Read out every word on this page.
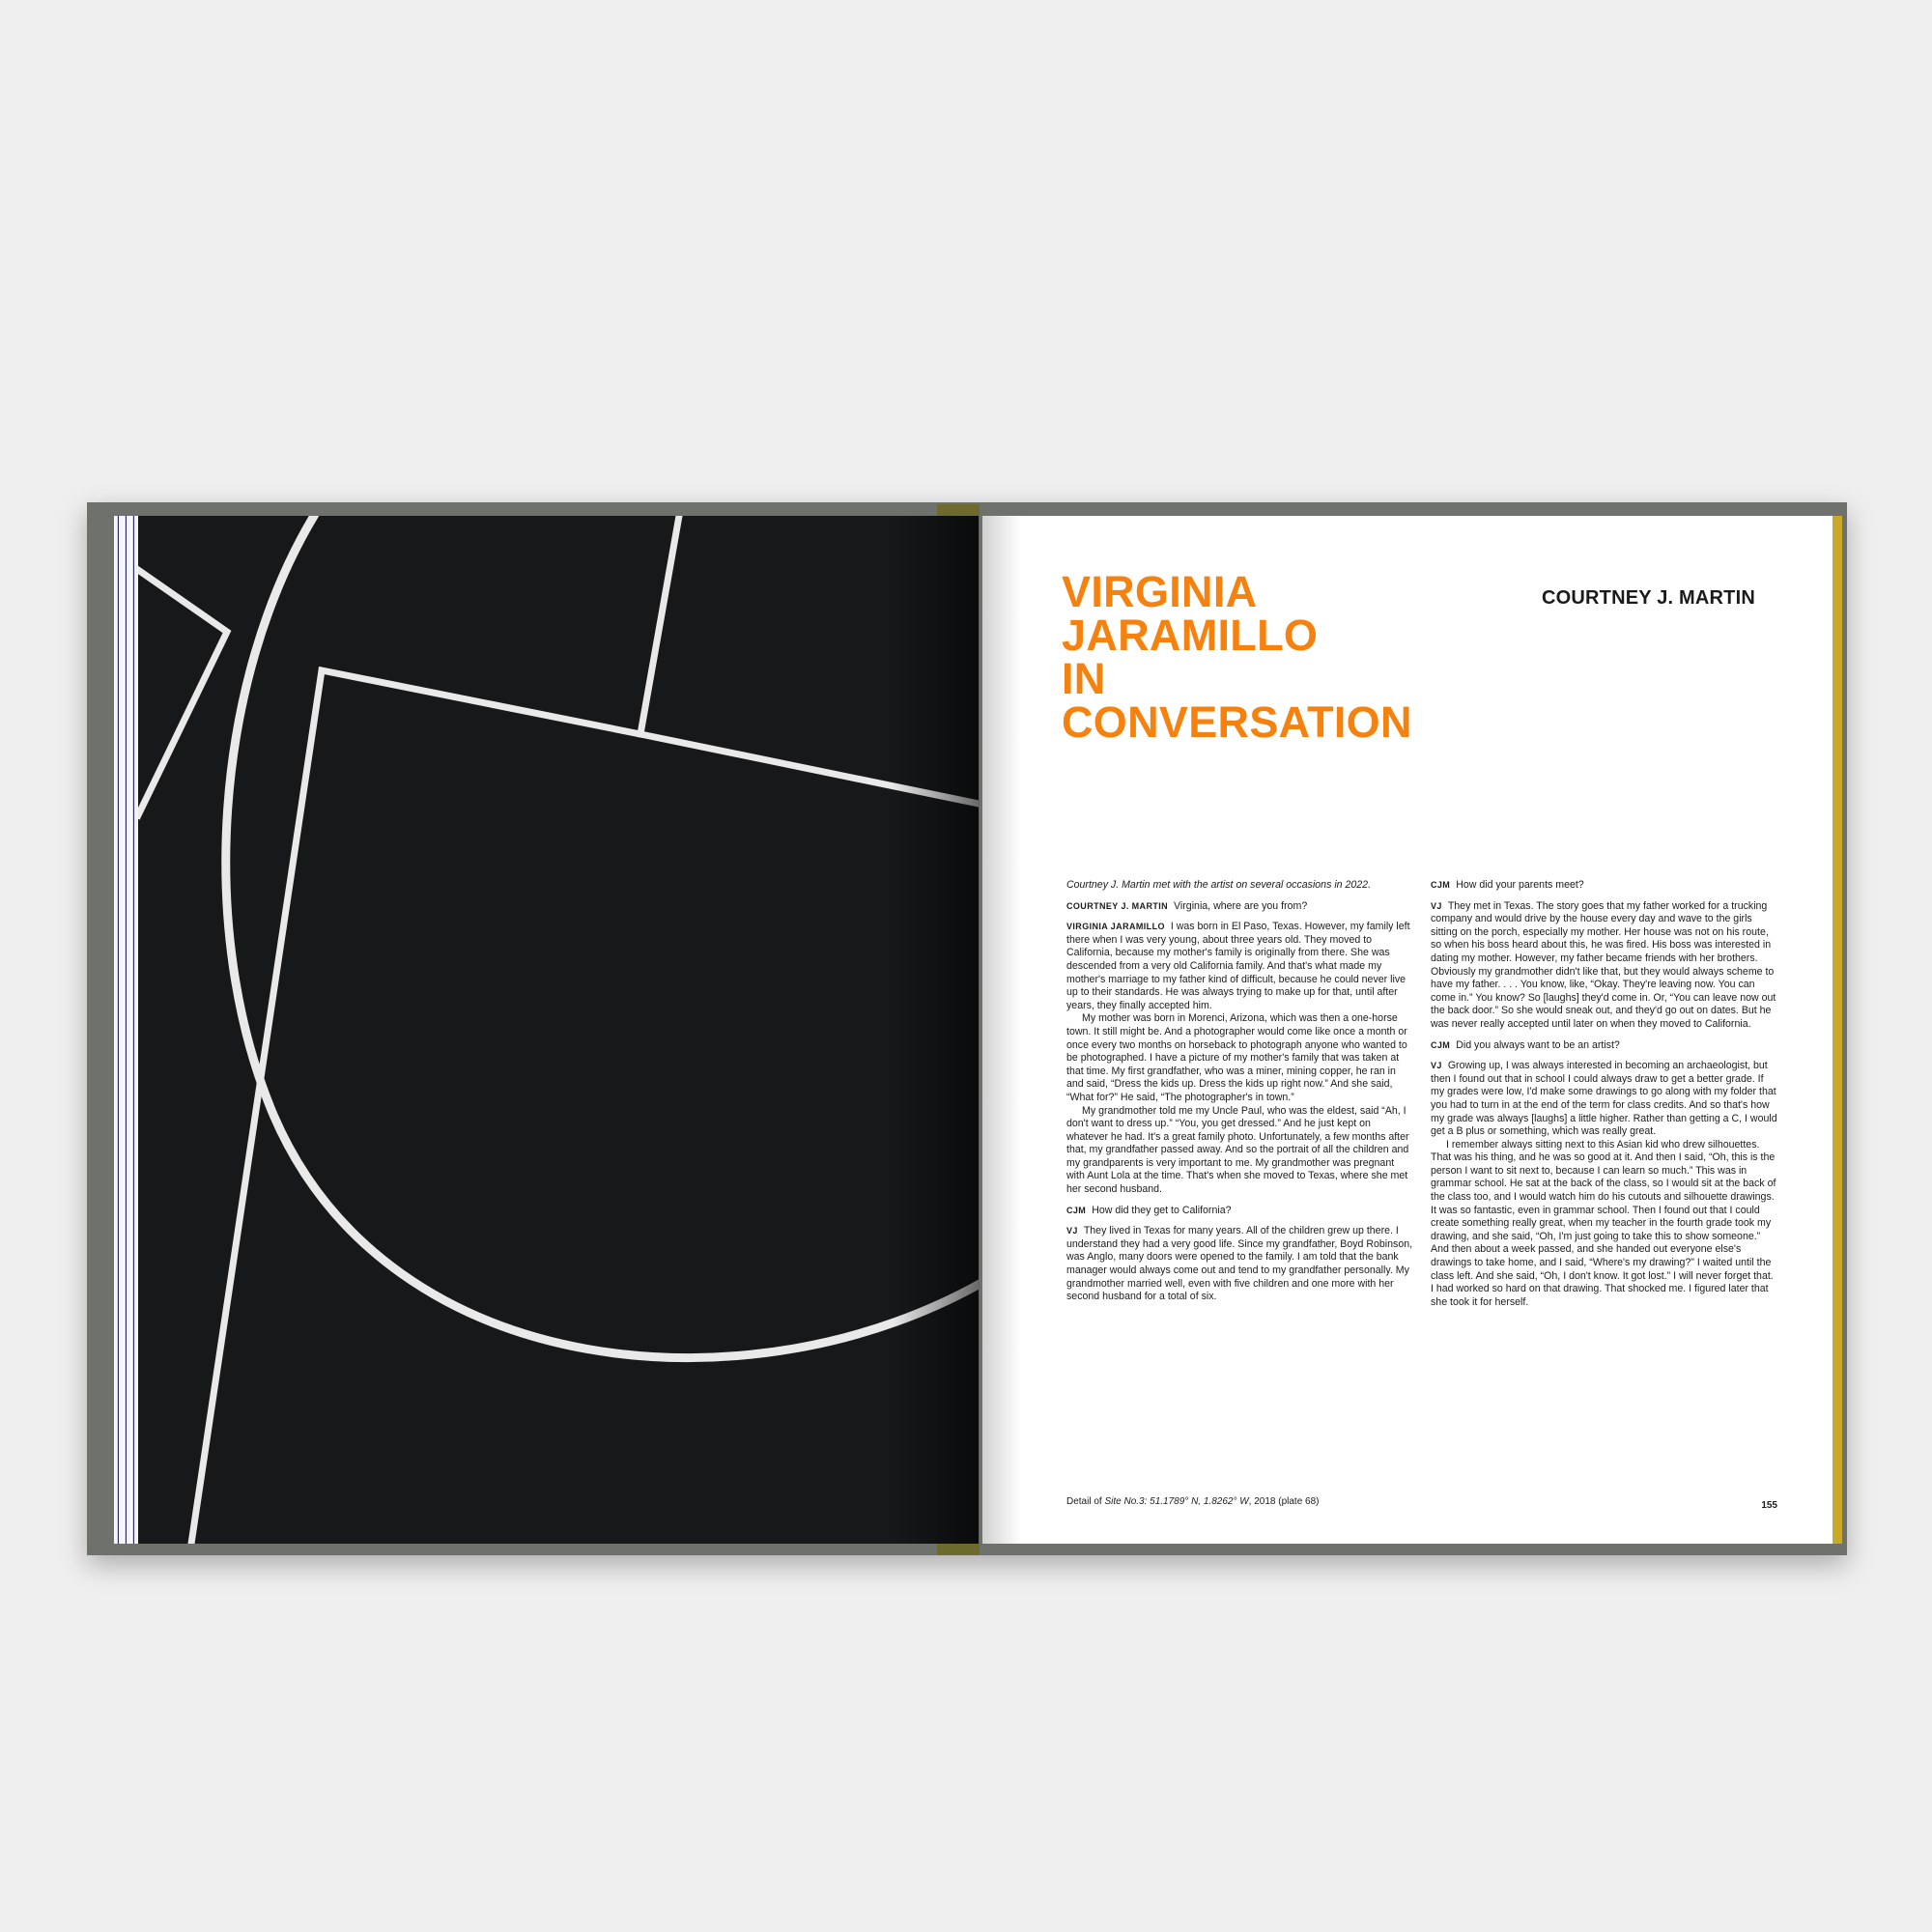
VIRGINIA
JARAMILLO
IN
CONVERSATION
COURTNEY J. MARTIN

Courtney J. Martin met with the artist on several occasions in 2022.

COURTNEY J. MARTIN Virginia, where are you from?

VIRGINIA JARAMILLO I was born in El Paso, Texas. However, my family left there when I was very young, about three years old. They moved to California, because my mother's family is originally from there. She was descended from a very old California family. And that's what made my mother's marriage to my father kind of difficult, because he could never live up to their standards. He was always trying to make up for that, until after years, they finally accepted him.

My mother was born in Morenci, Arizona, which was then a one-horse town. It still might be. And a photographer would come like once a month or once every two months on horseback to photograph anyone who wanted to be photographed. I have a picture of my mother's family that was taken at that time. My first grandfather, who was a miner, mining copper, he ran in and said, “Dress the kids up. Dress the kids up right now.” And she said, “What for?” He said, “The photographer's in town.”

My grandmother told me my Uncle Paul, who was the eldest, said “Ah, I don't want to dress up.” “You, you get dressed.” And he just kept on whatever he had. It's a great family photo. Unfortunately, a few months after that, my grandfather passed away. And so the portrait of all the children and my grandparents is very important to me. My grandmother was pregnant with Aunt Lola at the time. That's when she moved to Texas, where she met her second husband.

CJM How did they get to California?

VJ They lived in Texas for many years. All of the children grew up there. I understand they had a very good life. Since my grandfather, Boyd Robinson, was Anglo, many doors were opened to the family. I am told that the bank manager would always come out and tend to my grandfather personally. My grandmother married well, even with five children and one more with her second husband for a total of six.

CJM How did your parents meet?

VJ They met in Texas. The story goes that my father worked for a trucking company and would drive by the house every day and wave to the girls sitting on the porch, especially my mother. Her house was not on his route, so when his boss heard about this, he was fired. His boss was interested in dating my mother. However, my father became friends with her brothers. Obviously my grandmother didn't like that, but they would always scheme to have my father. . . . You know, like, “Okay. They're leaving now. You can come in.” You know? So [laughs] they'd come in. Or, “You can leave now out the back door.” So she would sneak out, and they'd go out on dates. But he was never really accepted until later on when they moved to California.

CJM Did you always want to be an artist?

VJ Growing up, I was always interested in becoming an archaeologist, but then I found out that in school I could always draw to get a better grade. If my grades were low, I'd make some drawings to go along with my folder that you had to turn in at the end of the term for class credits. And so that's how my grade was always [laughs] a little higher. Rather than getting a C, I would get a B plus or something, which was really great.

I remember always sitting next to this Asian kid who drew silhouettes. That was his thing, and he was so good at it. And then I said, “Oh, this is the person I want to sit next to, because I can learn so much.” This was in grammar school. He sat at the back of the class, so I would sit at the back of the class too, and I would watch him do his cutouts and silhouette drawings. It was so fantastic, even in grammar school. Then I found out that I could create something really great, when my teacher in the fourth grade took my drawing, and she said, “Oh, I'm just going to take this to show someone.” And then about a week passed, and she handed out everyone else's drawings to take home, and I said, “Where's my drawing?” I waited until the class left. And she said, “Oh, I don't know. It got lost.” I will never forget that. I had worked so hard on that drawing. That shocked me. I figured later that she took it for herself.

Detail of Site No.3: 51.1789° N, 1.8262° W, 2018 (plate 68)	155
